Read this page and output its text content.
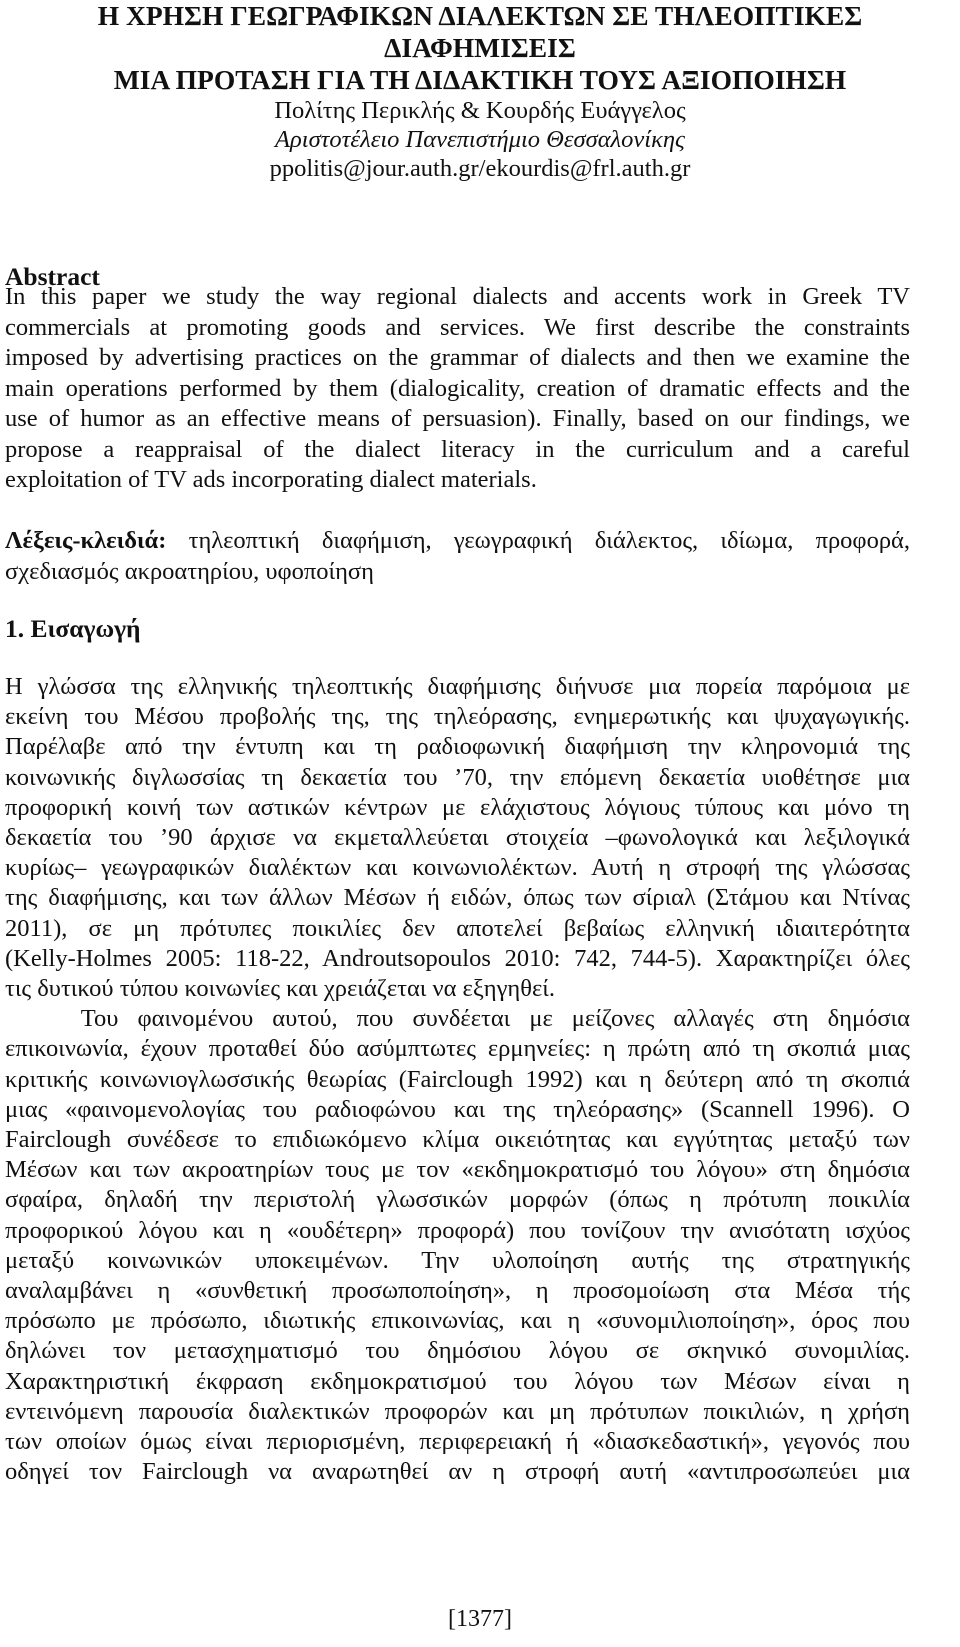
Η ΧΡΗΣΗ ΓΕΩΓΡΑΦΙΚΩΝ ΔΙΑΛΕΚΤΩΝ ΣΕ ΤΗΛΕΟΠΤΙΚΕΣ
ΔΙΑΦΗΜΙΣΕΙΣ
ΜΙΑ ΠΡΟΤΑΣΗ ΓΙΑ ΤΗ ΔΙΔΑΚΤΙΚΗ ΤΟΥΣ ΑΞΙΟΠΟΙΗΣΗ
Πολίτης Περικλής & Κουρδής Ευάγγελος
Αριστοτέλειο Πανεπιστήμιο Θεσσαλονίκης
ppolitis@jour.auth.gr/ekourdis@frl.auth.gr
Abstract
In this paper we study the way regional dialects and accents work in Greek TV
commercials at promoting goods and services. We first describe the constraints
imposed by advertising practices on the grammar of dialects and then we examine the
main operations performed by them (dialogicality, creation of dramatic effects and the
use of humor as an effective means of persuasion). Finally, based on our findings, we
propose a reappraisal of the dialect literacy in the curriculum and a careful
exploitation of TV ads incorporating dialect materials.
Λέξεις-κλειδιά: τηλεοπτική διαφήμιση, γεωγραφική διάλεκτος, ιδίωμα, προφορά,
σχεδιασμός ακροατηρίου, υφοποίηση
1. Εισαγωγή
Η γλώσσα της ελληνικής τηλεοπτικής διαφήμισης διήνυσε μια πορεία παρόμοια με
εκείνη του Μέσου προβολής της, της τηλεόρασης, ενημερωτικής και ψυχαγωγικής.
Παρέλαβε από την έντυπη και τη ραδιοφωνική διαφήμιση την κληρονομιά της
κοινωνικής διγλωσσίας τη δεκαετία του ’70, την επόμενη δεκαετία υιοθέτησε μια
προφορική κοινή των αστικών κέντρων με ελάχιστους λόγιους τύπους και μόνο τη
δεκαετία του ’90 άρχισε να εκμεταλλεύεται στοιχεία –φωνολογικά και λεξιλογικά
κυρίως– γεωγραφικών διαλέκτων και κοινωνιολέκτων. Αυτή η στροφή της γλώσσας
της διαφήμισης, και των άλλων Μέσων ή ειδών, όπως των σίριαλ (Στάμου και Ντίνας
2011), σε μη πρότυπες ποικιλίες δεν αποτελεί βεβαίως ελληνική ιδιαιτερότητα
(Kelly-Holmes 2005: 118-22, Androutsopoulos 2010: 742, 744-5). Χαρακτηρίζει όλες
τις δυτικού τύπου κοινωνίες και χρειάζεται να εξηγηθεί.
Του φαινομένου αυτού, που συνδέεται με μείζονες αλλαγές στη δημόσια
επικοινωνία, έχουν προταθεί δύο ασύμπτωτες ερμηνείες: η πρώτη από τη σκοπιά μιας
κριτικής κοινωνιογλωσσικής θεωρίας (Fairclough 1992) και η δεύτερη από τη σκοπιά
μιας «φαινομενολογίας του ραδιοφώνου και της τηλεόρασης» (Scannell 1996). Ο
Fairclough συνέδεσε το επιδιωκόμενο κλίμα οικειότητας και εγγύτητας μεταξύ των
Μέσων και των ακροατηρίων τους με τον «εκδημοκρατισμό του λόγου» στη δημόσια
σφαίρα, δηλαδή την περιστολή γλωσσικών μορφών (όπως η πρότυπη ποικιλία
προφορικού λόγου και η «ουδέτερη» προφορά) που τονίζουν την ανισότατη ισχύος
μεταξύ κοινωνικών υποκειμένων. Την υλοποίηση αυτής της στρατηγικής
αναλαμβάνει η «συνθετική προσωποποίηση», η προσομοίωση στα Μέσα τής
πρόσωπο με πρόσωπο, ιδιωτικής επικοινωνίας, και η «συνομιλιοποίηση», όρος που
δηλώνει τον μετασχηματισμό του δημόσιου λόγου σε σκηνικό συνομιλίας.
Χαρακτηριστική έκφραση εκδημοκρατισμού του λόγου των Μέσων είναι η
εντεινόμενη παρουσία διαλεκτικών προφορών και μη πρότυπων ποικιλιών, η χρήση
των οποίων όμως είναι περιορισμένη, περιφερειακή ή «διασκεδαστική», γεγονός που
οδηγεί τον Fairclough να αναρωτηθεί αν η στροφή αυτή «αντιπροσωπεύει μια
[1377]
